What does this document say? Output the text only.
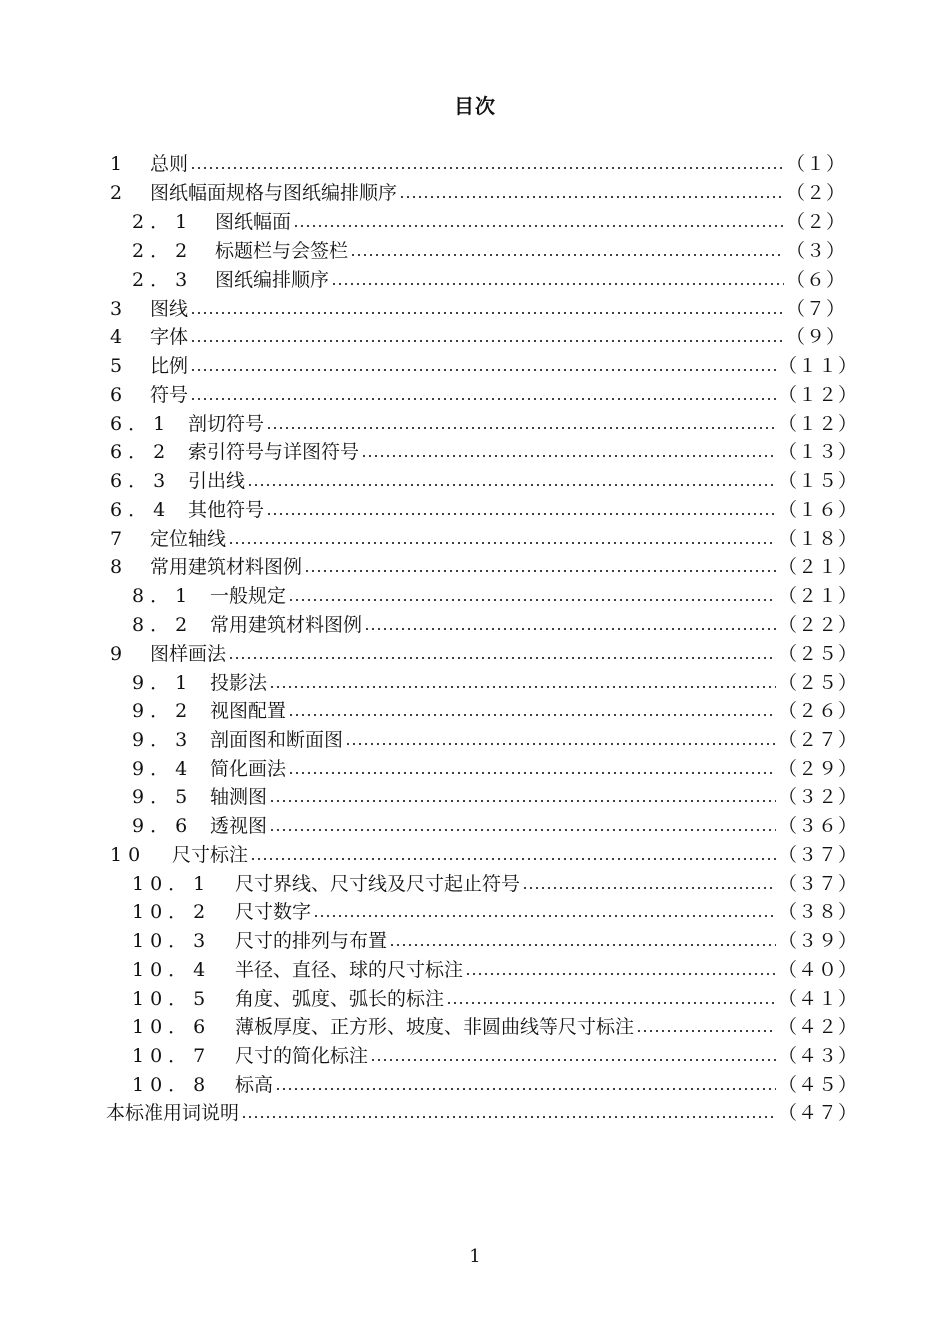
目次
1	总则	（１）
2	图纸幅面规格与图纸编排顺序	（２）
2．1	图纸幅面	（２）
2．2	标题栏与会签栏	（３）
2．3	图纸编排顺序	（６）
3	图线	（７）
4	字体	（９）
5	比例	（１１）
6	符号	（１２）
6．1 剖切符号	（１２）
6．2 索引符号与详图符号	（１３）
6．3 引出线	（１５）
6．4 其他符号	（１６）
7	定位轴线	（１８）
8	常用建筑材料图例	（２１）
8．1 一般规定	（２１）
8．2 常用建筑材料图例	（２２）
9	图样画法	（２５）
9．1 投影法	（２５）
9．2 视图配置	（２６）
9．3 剖面图和断面图	（２７）
9．4 简化画法	（２９）
9．5 轴测图	（３２）
9．6 透视图	（３６）
10	尺寸标注	（３７）
10．1	尺寸界线、尺寸线及尺寸起止符号	（３７）
10．2	尺寸数字	（３８）
10．3	尺寸的排列与布置	（３９）
10．4	半径、直径、球的尺寸标注	（４０）
10．5	角度、弧度、弧长的标注	（４１）
10．6	薄板厚度、正方形、坡度、非圆曲线等尺寸标注	（４２）
10．7	尺寸的简化标注	（４３）
10．8	标高	（４５）
本标准用词说明	（４７）
1
